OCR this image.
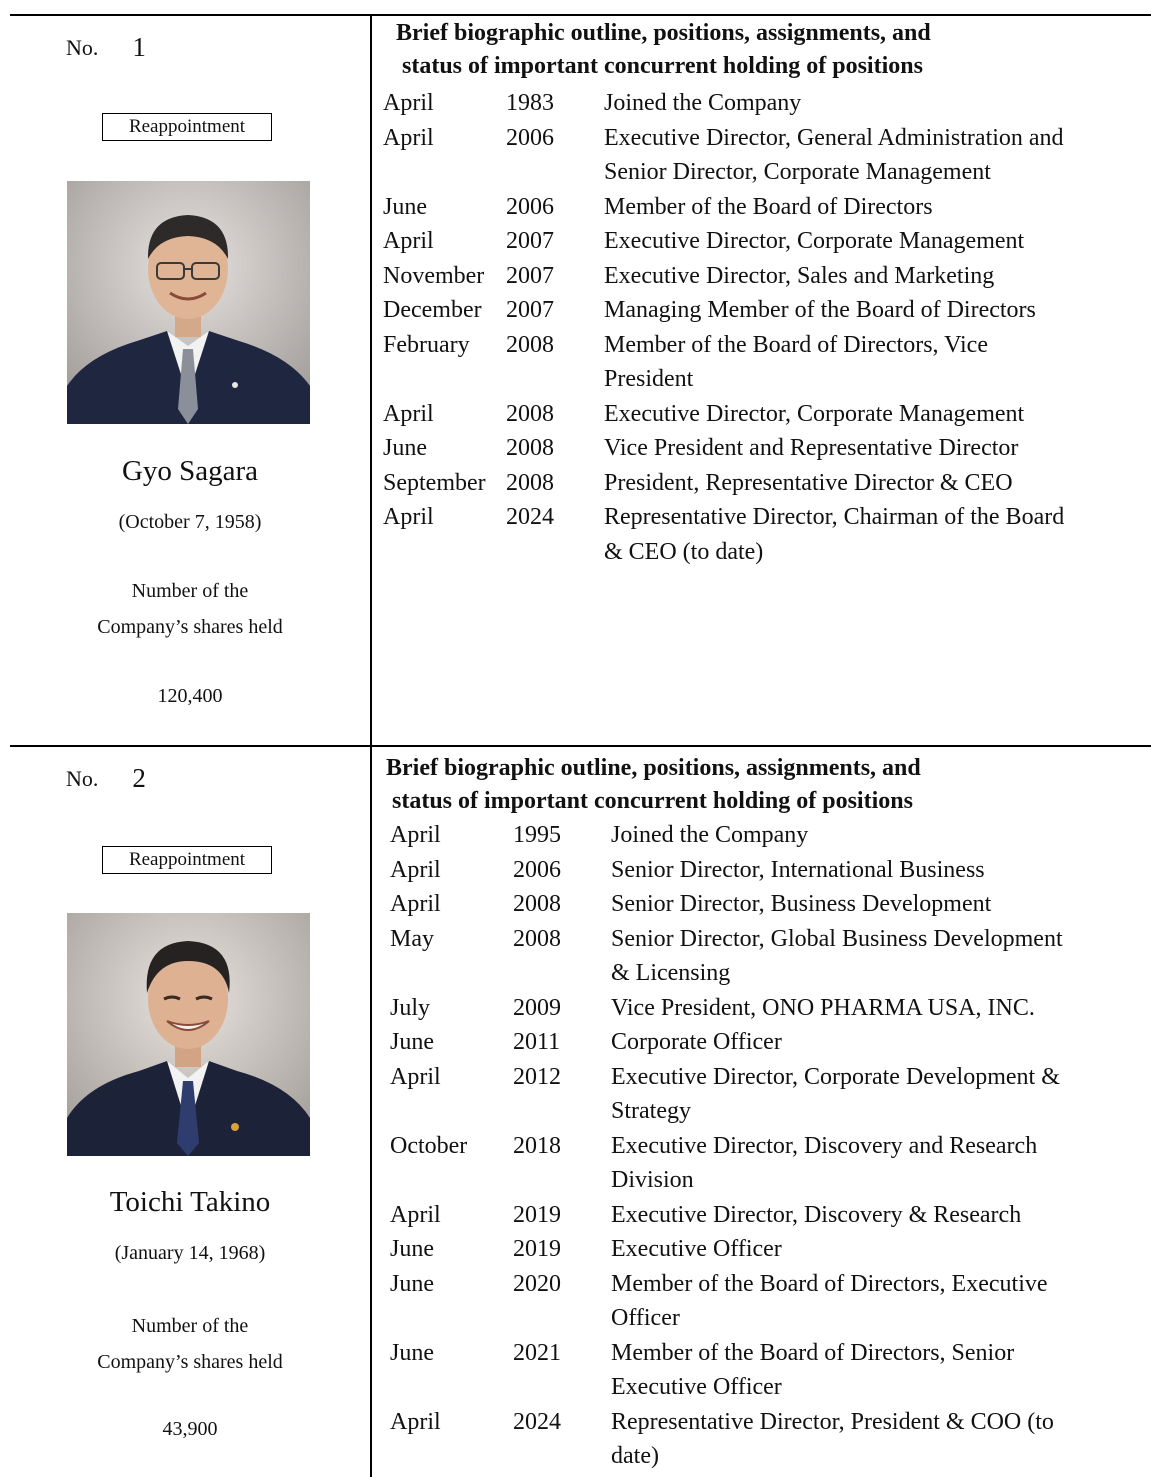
No. 1
Reappointment
Gyo Sagara
(October 7, 1958)
Number of the
Company’s shares held
120,400
Brief biographic outline, positions, assignments, and
status of important concurrent holding of positions
April	1983	Joined the Company
April	2006	Executive Director, General Administration and
Senior Director, Corporate Management
June	2006	Member of the Board of Directors
April	2007	Executive Director, Corporate Management
November 2007	Executive Director, Sales and Marketing
December	2007	Managing Member of the Board of Directors
February	2008	Member of the Board of Directors, Vice
President
April	2008	Executive Director, Corporate Management
June	2008	Vice President and Representative Director
September 2008	President, Representative Director & CEO
April	2024	Representative Director, Chairman of the Board
& CEO (to date)
No. 2
Reappointment
Toichi Takino
(January 14, 1968)
Number of the
Company’s shares held
43,900
Brief biographic outline, positions, assignments, and
status of important concurrent holding of positions
April	1995	Joined the Company
April	2006	Senior Director, International Business
April	2008	Senior Director, Business Development
May	2008	Senior Director, Global Business Development
& Licensing
July	2009	Vice President, ONO PHARMA USA, INC.
June	2011	Corporate Officer
April	2012	Executive Director, Corporate Development &
Strategy
October	2018	Executive Director, Discovery and Research
Division
April	2019	Executive Director, Discovery & Research
June	2019	Executive Officer
June	2020	Member of the Board of Directors, Executive
Officer
June	2021	Member of the Board of Directors, Senior
Executive Officer
April	2024	Representative Director, President & COO (to
date)
